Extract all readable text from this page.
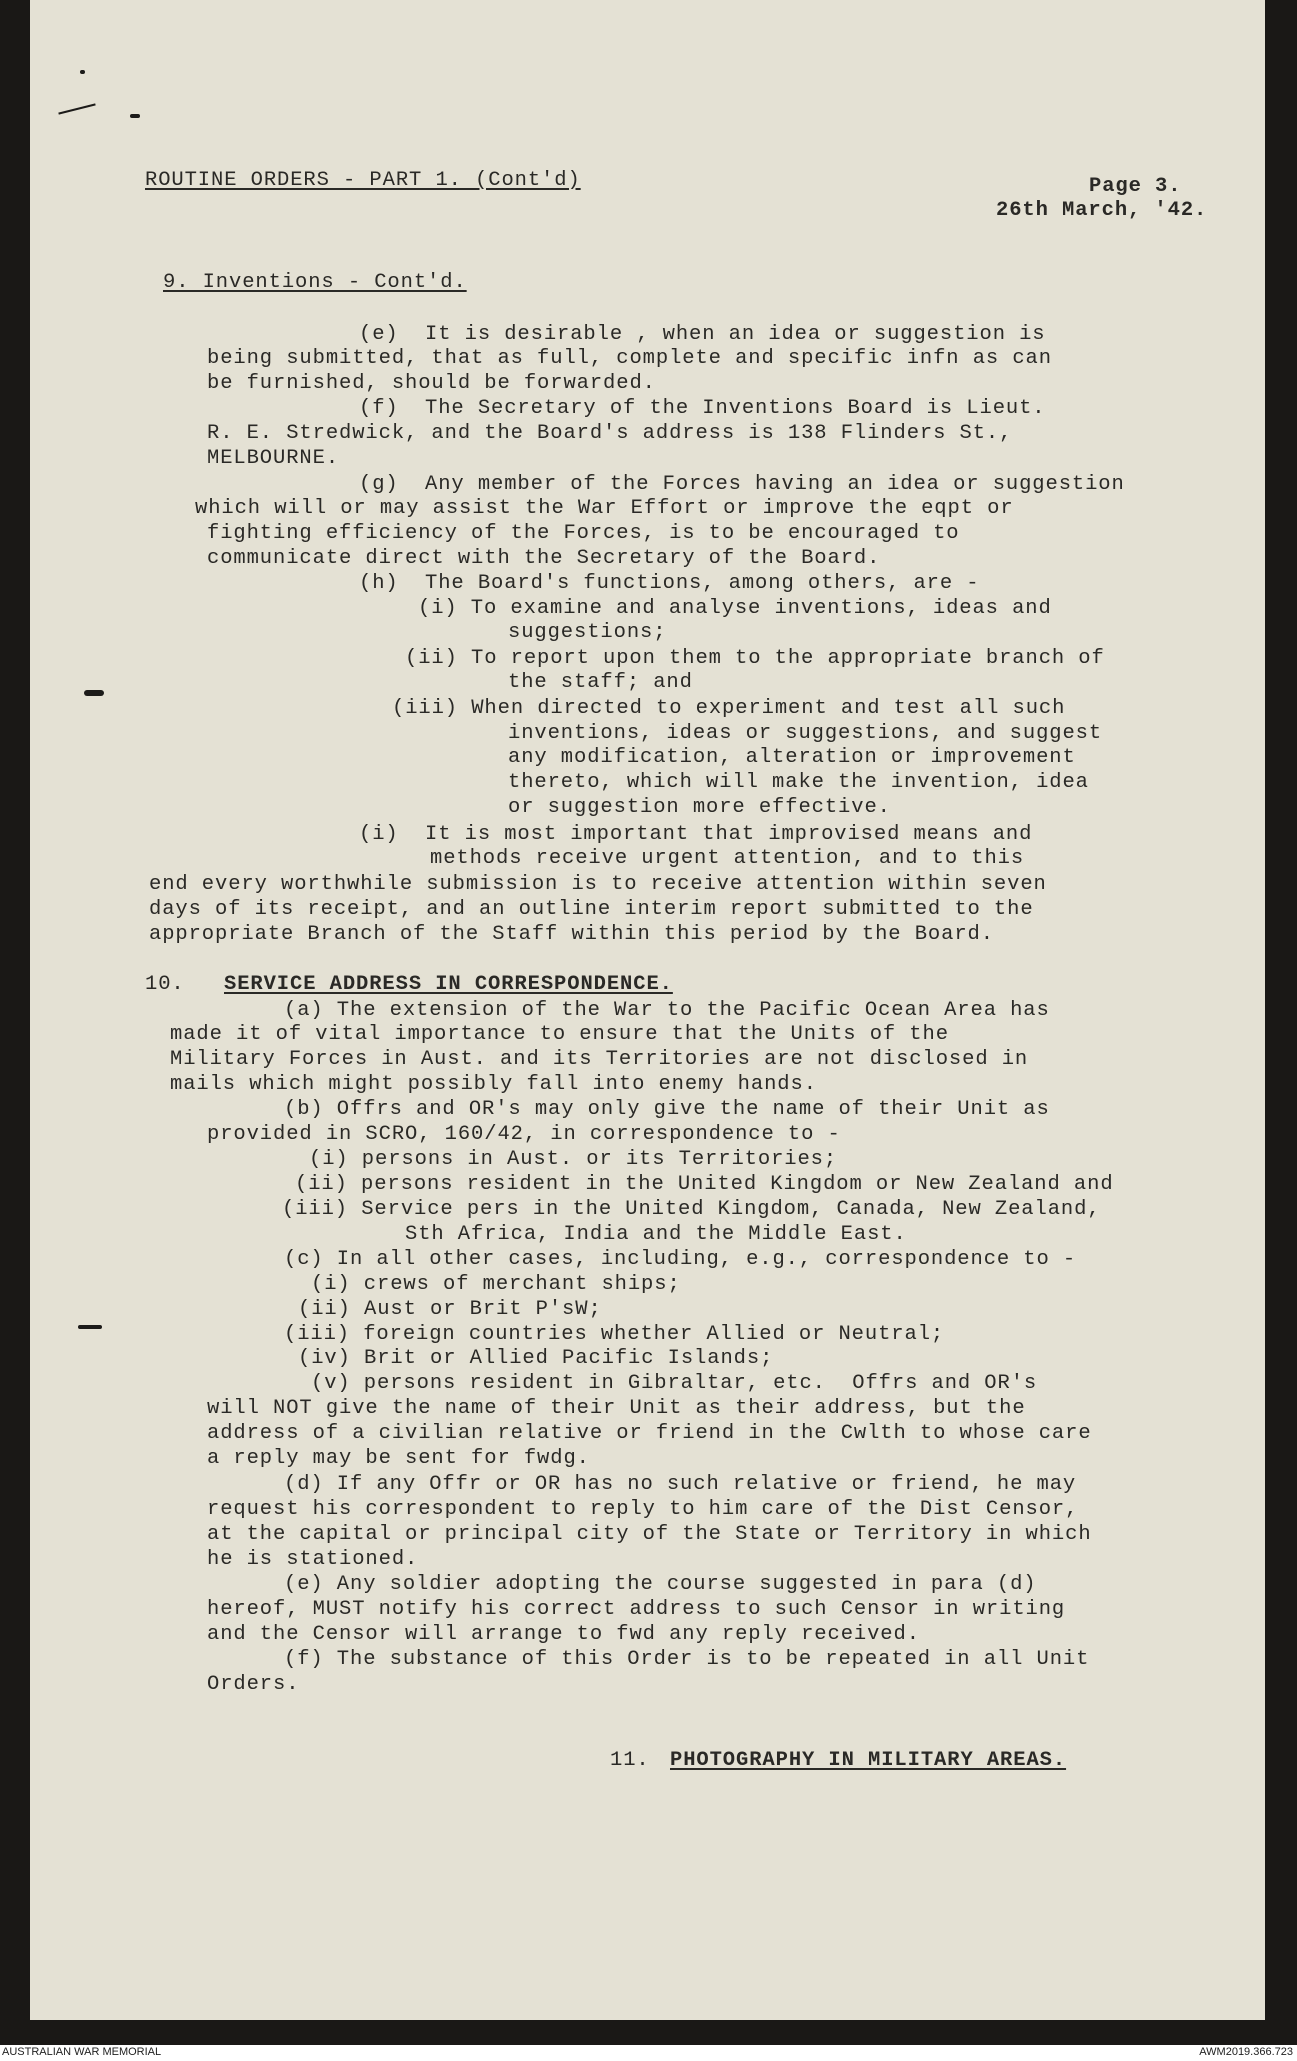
ROUTINE ORDERS - PART 1. (Cont'd)	Page 3.
26th March, '42.
9. Inventions - Cont'd.
(e)  It is desirable , when an idea or suggestion is
being submitted, that as full, complete and specific infn as can
be furnished, should be forwarded.
(f)  The Secretary of the Inventions Board is Lieut.
R. E. Stredwick, and the Board's address is 138 Flinders St.,
MELBOURNE.
(g)  Any member of the Forces having an idea or suggestion
which will or may assist the War Effort or improve the eqpt or
fighting efficiency of the Forces, is to be encouraged to
communicate direct with the Secretary of the Board.
(h)  The Board's functions, among others, are -
(i) To examine and analyse inventions, ideas and
suggestions;
(ii) To report upon them to the appropriate branch of
the staff; and
(iii) When directed to experiment and test all such
inventions, ideas or suggestions, and suggest
any modification, alteration or improvement
thereto, which will make the invention, idea
or suggestion more effective.
(i)  It is most important that improvised means and
methods receive urgent attention, and to this
end every worthwhile submission is to receive attention within seven
days of its receipt, and an outline interim report submitted to the
appropriate Branch of the Staff within this period by the Board.
10. SERVICE ADDRESS IN CORRESPONDENCE.
(a) The extension of the War to the Pacific Ocean Area has
made it of vital importance to ensure that the Units of the
Military Forces in Aust. and its Territories are not disclosed in
mails which might possibly fall into enemy hands.
(b) Offrs and OR's may only give the name of their Unit as
provided in SCRO, 160/42, in correspondence to -
(i) persons in Aust. or its Territories;
(ii) persons resident in the United Kingdom or New Zealand and
(iii) Service pers in the United Kingdom, Canada, New Zealand,
Sth Africa, India and the Middle East.
(c) In all other cases, including, e.g., correspondence to -
(i) crews of merchant ships;
(ii) Aust or Brit P'sW;
(iii) foreign countries whether Allied or Neutral;
(iv) Brit or Allied Pacific Islands;
(v) persons resident in Gibraltar, etc.  Offrs and OR's
will NOT give the name of their Unit as their address, but the
address of a civilian relative or friend in the Cwlth to whose care
a reply may be sent for fwdg.
(d) If any Offr or OR has no such relative or friend, he may
request his correspondent to reply to him care of the Dist Censor,
at the capital or principal city of the State or Territory in which
he is stationed.
(e) Any soldier adopting the course suggested in para (d)
hereof, MUST notify his correct address to such Censor in writing
and the Censor will arrange to fwd any reply received.
(f) The substance of this Order is to be repeated in all Unit
Orders.
11. PHOTOGRAPHY IN MILITARY AREAS.
AUSTRALIAN WAR MEMORIAL	AWM2019.366.723
